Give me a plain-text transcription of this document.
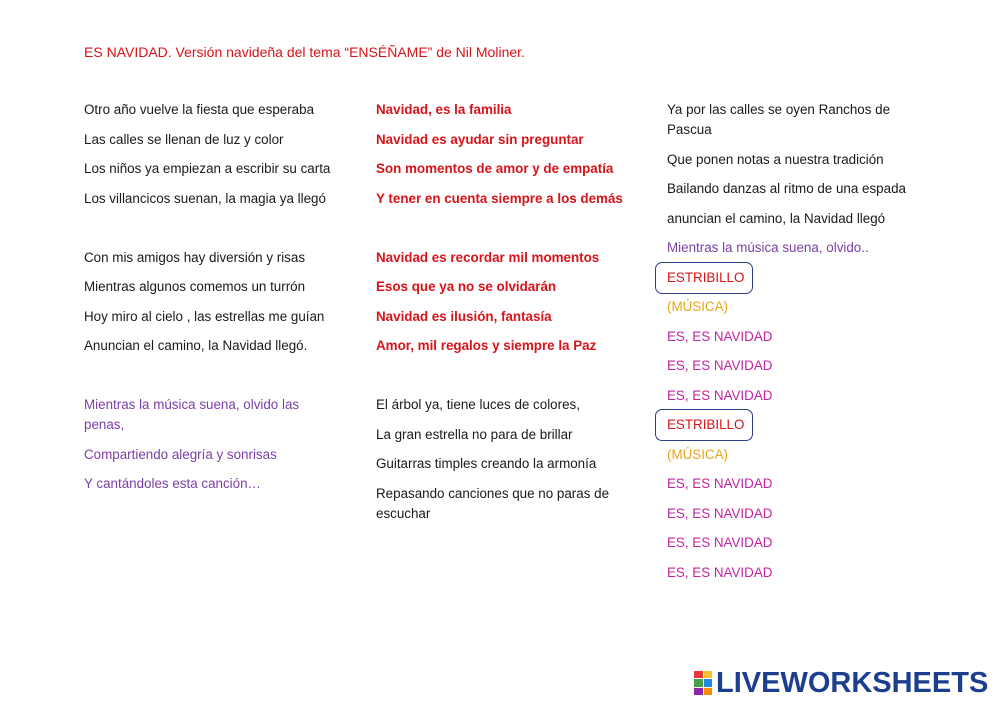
ES NAVIDAD. Versión navideña del tema “ENSÉÑAME” de Nil Moliner.
Otro año vuelve la fiesta que esperaba
Las calles se llenan de luz y color
Los niños ya empiezan a escribir su carta
Los villancicos suenan, la magia ya llegó
Con mis amigos hay diversión y risas
Mientras algunos comemos un turrón
Hoy miro al cielo , las estrellas me guían
Anuncian el camino, la Navidad llegó.
Mientras la música suena, olvido las penas,
Compartiendo alegría y sonrisas
Y cantándoles esta canción…
Navidad, es la familia
Navidad es ayudar sin preguntar
Son momentos de amor y de empatía
Y tener en cuenta siempre a los demás
Navidad es recordar mil momentos
Esos que ya no se olvidarán
Navidad es ilusión, fantasía
Amor, mil regalos y siempre la Paz
El árbol ya, tiene luces de colores,
La gran estrella no para de brillar
Guitarras timples creando la armonía
Repasando canciones que no paras de escuchar
Ya por las calles se oyen Ranchos de Pascua
Que ponen notas a nuestra tradición
Bailando danzas al ritmo de una espada
anuncian el camino, la Navidad llegó
Mientras la música suena, olvido..
ESTRIBILLO
(MÚSICA)
ES, ES NAVIDAD
ES, ES NAVIDAD
ES, ES NAVIDAD
ESTRIBILLO
(MÚSICA)
ES, ES NAVIDAD
ES, ES NAVIDAD
ES, ES NAVIDAD
ES, ES NAVIDAD
LIVEWORKSHEETS
